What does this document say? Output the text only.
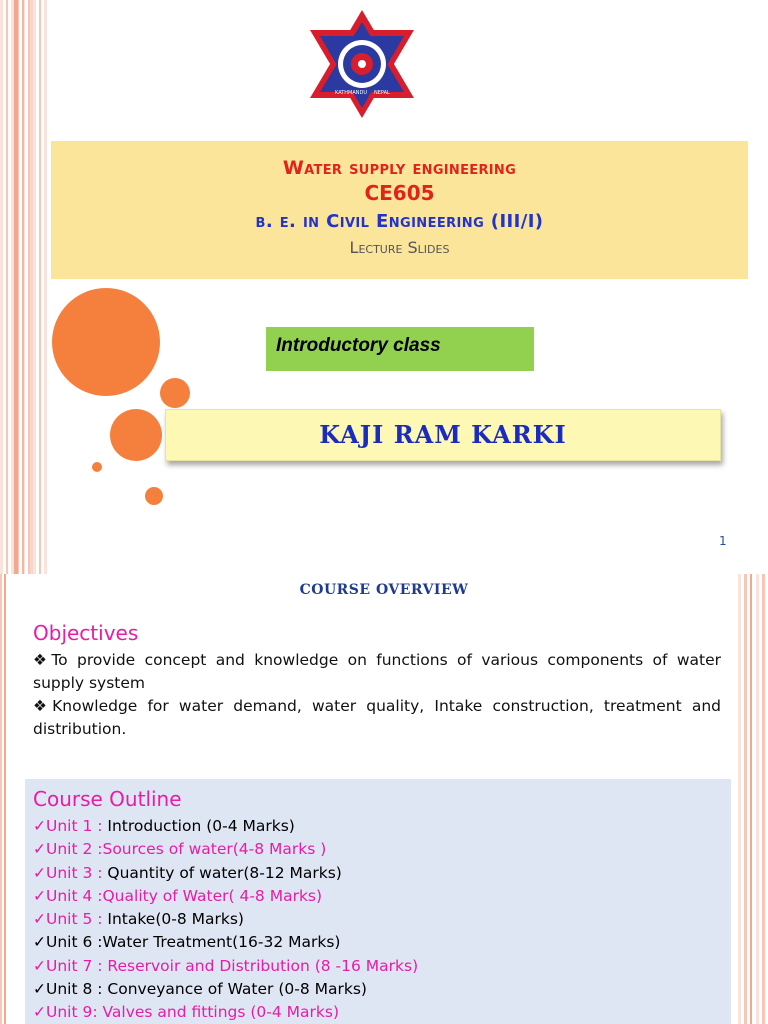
KATHMANDU NEPAL
Water supply engineering
CE605
b. e. in Civil Engineering (III/I)
Lecture Slides
Introductory class
KAJI RAM KARKI
1
COURSE OVERVIEW
Objectives

❖To provide concept and knowledge on functions of various components of water supply system

❖Knowledge for water demand, water quality, Intake construction, treatment and distribution.

Course Outline
✓Unit 1 : Introduction (0-4 Marks)
✓Unit 2 :Sources of water(4-8 Marks )
✓Unit 3 : Quantity of water(8-12 Marks)
✓Unit 4 :Quality of Water( 4-8 Marks)
✓Unit 5 : Intake(0-8 Marks)
✓Unit 6 :Water Treatment(16-32 Marks)
✓Unit 7 : Reservoir and Distribution (8 -16 Marks)
✓Unit 8 : Conveyance of Water (0-8 Marks)
✓Unit 9: Valves and fittings (0-4 Marks)
